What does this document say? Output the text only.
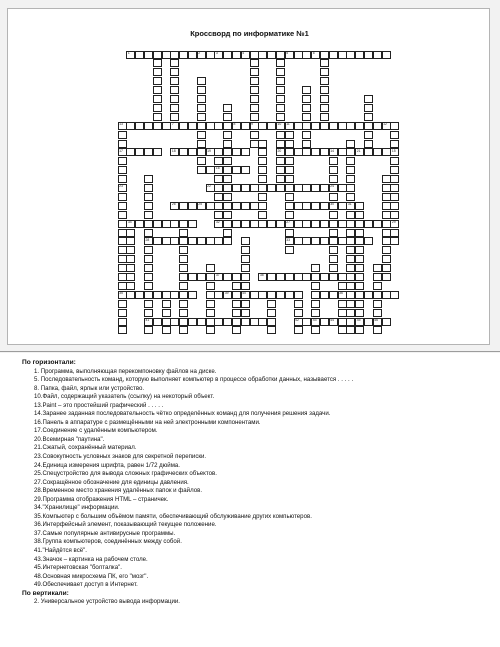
Кроссворд по информатике №1
1	2	3	4	5	6
13	7	8	9	10 11	12
17	18	19	20	14	21	15
16
22	24
26	25	30	31
34	32	27	29
28	33
37	38
35	39	40	36
41	42	43	44	45	46
23
По горизонтали:
1. Программа, выполняющая перекомпоновку файлов на диске.
5. Последовательность команд, которую выполняет компьютер в процессе обработки данных, называется . . . . .
8. Папка, файл, ярлык или устройство.
10.Файл, содержащий указатель (ссылку) на некоторый объект.
13.Paint – это простейший графический . . . . .
14.Заранее заданная последовательность чётко определённых команд для получения решения задачи.
16.Панель в аппаратуре с размещёнными на ней электронными компонентами.
17.Соединение с удалённым компьютером.
20.Всемирная "паутина".
21.Сжатый, сохранённый материал.
23.Совокупность условных знаков для секретной переписки.
24.Единица измерения шрифта, равен 1/72 дюйма.
25.Спецустройство для вывода сложных графических объектов.
27.Сокращённое обозначение для единицы давления.
28.Временное место хранения удалённых папок и файлов.
29.Программа отображения HTML – страничек.
34."Хранилище" информации.
35.Компьютер с большим объёмом памяти, обеспечивающий обслуживание других компьютеров.
36.Интерфейсный элемент, показывающий текущее положение.
37.Самые популярные антивирусные программы.
38.Группа компьютеров, соединённых между собой.
41."Найдётся всё".
43.Значок – картинка на рабочем столе.
45.Интернетовская "болталка".
48.Основная микросхема ПК, его "мозг".
49.Обеспечивает доступ в Интернет.
По вертикали:
2. Универсальное устройство вывода информации.
